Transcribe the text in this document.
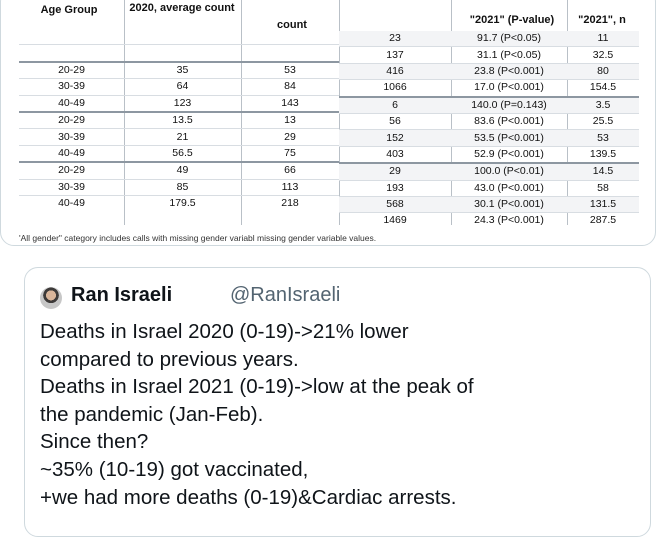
Age Group	2020, average count
count	"2021" (P-value)	"2021", n

20-29	35	53
30-39	64	84
40-49	123	143
20-29	13.5	13
30-39	21	29
40-49	56.5	75
20-29	49	66
30-39	85	113
40-49	179.5	218
23	91.7 (P<0.05)	11
137	31.1 (P<0.05)	32.5
416	23.8 (P<0.001)	80
1066	17.0 (P<0.001)	154.5
6	140.0 (P=0.143)	3.5
56	83.6 (P<0.001)	25.5
152	53.5 (P<0.001)	53
403	52.9 (P<0.001)	139.5
29	100.0 (P<0.01)	14.5
193	43.0 (P<0.001)	58
568	30.1 (P<0.001)	131.5
1469	24.3 (P<0.001)	287.5
'All gender" category includes calls with missing gender variabl missing gender variable values.
Ran Israeli	@RanIsraeli
Deaths in Israel 2020 (0-19)->21% lower
compared to previous years.
Deaths in Israel 2021 (0-19)->low at the peak of
the pandemic (Jan-Feb).
Since then?
~35% (10-19) got vaccinated,
+we had more deaths (0-19)&Cardiac arrests.
